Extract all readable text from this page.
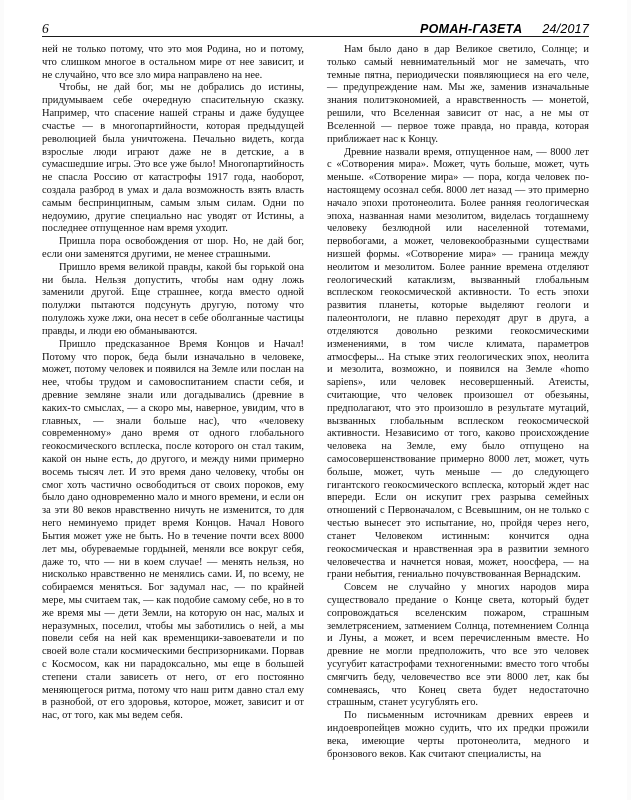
6	РОМАН-ГАЗЕТА 24/2017

ней не только потому, что это моя Родина, но и потому, что слишком многое в остальном мире от нее зависит, и не случайно, что все зло мира направлено на нее.

Чтобы, не дай бог, мы не добрались до истины, придумываем себе очередную спасительную сказку. Например, что спасение нашей страны и даже будущее счастье — в многопартийности, которая предыдущей революцией была уничтожена. Печально видеть, когда взрослые люди играют даже не в детские, а в сумасшедшие игры. Это все уже было! Многопартийность не спасла Россию от катастрофы 1917 года, наоборот, создала разброд в умах и дала возможность взять власть самым беспринципным, самым злым силам. Одни по недоумию, другие специально нас уводят от Истины, а последнее отпущенное нам время уходит.

Пришла пора освобождения от шор. Но, не дай бог, если они заменятся другими, не менее страшными.

Пришло время великой правды, какой бы горькой она ни была. Нельзя допустить, чтобы нам одну ложь заменили другой. Еще страшнее, когда вместо одной полулжи пытаются подсунуть другую, потому что полуложь хуже лжи, она несет в себе оболганные частицы правды, и люди ею обманываются.

Пришло предсказанное Время Концов и Начал! Потому что порок, беда были изначально в человеке, может, потому человек и появился на Земле или послан на нее, чтобы трудом и самовоспитанием спасти себя, и древние земляне знали или догадывались (древние в каких-то смыслах, — а скоро мы, наверное, увидим, что в главных, — знали больше нас), что «человеку современному» дано время от одного глобального геокосмического всплеска, после которого он стал таким, какой он ныне есть, до другого, и между ними примерно восемь тысяч лет. И это время дано человеку, чтобы он смог хоть частично освободиться от своих пороков, ему было дано одновременно мало и много времени, и если он за эти 80 веков нравственно ничуть не изменится, то для него неминуемо придет время Концов. Начал Нового Бытия может уже не быть. Но в течение почти всех 8000 лет мы, обуреваемые гордыней, меняли все вокруг себя, даже то, что — ни в коем случае! — менять нельзя, но нисколько нравственно не менялись сами. И, по всему, не собираемся меняться. Бог задумал нас, — по крайней мере, мы считаем так, — как подобие самому себе, но в то же время мы — дети Земли, на которую он нас, малых и неразумных, поселил, чтобы мы заботились о ней, а мы повели себя на ней как временщики-завоеватели и по своей воле стали космическими беспризорниками. Порвав с Космосом, как ни парадоксально, мы еще в большей степени стали зависеть от него, от его постоянно меняющегося ритма, потому что наш ритм давно стал ему в разнобой, от его здоровья, которое, может, зависит и от нас, от того, как мы ведем себя.

Нам было дано в дар Великое светило, Солнце; и только самый невнимательный мог не замечать, что темные пятна, периодически появляющиеся на его челе, — предупреждение нам. Мы же, заменив изначальные знания политэкономией, а нравственность — монетой, решили, что Вселенная зависит от нас, а не мы от Вселенной — первое тоже правда, но правда, которая приближает нас к Концу.

Древние назвали время, отпущенное нам, — 8000 лет с «Сотворения мира». Может, чуть больше, может, чуть меньше. «Сотворение мира» — пора, когда человек по-настоящему осознал себя. 8000 лет назад — это примерно начало эпохи протонеолита. Более ранняя геологическая эпоха, названная нами мезолитом, виделась тогдашнему человеку безлюдной или населенной тотемами, первобогами, а может, человекообразными существами низшей формы. «Сотворение мира» — граница между неолитом и мезолитом. Более ранние времена отделяют геологический катаклизм, вызванный глобальным всплеском геокосмической активности. То есть эпохи развития планеты, которые выделяют геологи и палеонтологи, не плавно переходят друг в друга, а отделяются довольно резкими геокосмическими изменениями, в том числе климата, параметров атмосферы... На стыке этих геологических эпох, неолита и мезолита, возможно, и появился на Земле «homo sapiens», или человек несовершенный. Атеисты, считающие, что человек произошел от обезьяны, предполагают, что это произошло в результате мутаций, вызванных глобальным всплеском геокосмической активности. Независимо от того, каково происхождение человека на Земле, ему было отпущено на самосовершенствование примерно 8000 лет, может, чуть больше, может, чуть меньше — до следующего гигантского геокосмического всплеска, который ждет нас впереди. Если он искупит грех разрыва семейных отношений с Первоначалом, с Всевышним, он не только с честью вынесет это испытание, но, пройдя через него, станет Человеком истинным: кончится одна геокосмическая и нравственная эра в развитии земного человечества и начнется новая, может, ноосфера, — на грани небытия, гениально почувствованная Вернадским.

Совсем не случайно у многих народов мира существовало предание о Конце света, который будет сопровождаться вселенским пожаром, страшным землетрясением, затмением Солнца, потемнением Солнца и Луны, а может, и всем перечисленным вместе. Но древние не могли предположить, что все это человек усугубит катастрофами техногенными: вместо того чтобы смягчить беду, человечество все эти 8000 лет, как бы сомневаясь, что Конец света будет недостаточно страшным, станет усугублять его.

По письменным источникам древних евреев и индоевропейцев можно судить, что их предки прожили века, имеющие черты протонеолита, медного и бронзового веков. Как считают специалисты, на
